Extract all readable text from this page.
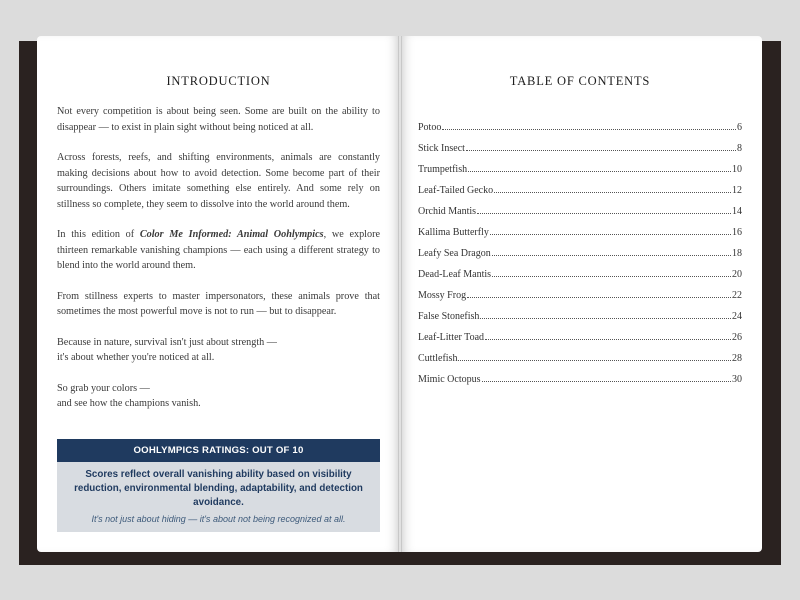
INTRODUCTION

Not every competition is about being seen. Some are built on the ability to disappear — to exist in plain sight without being noticed at all.

Across forests, reefs, and shifting environments, animals are constantly making decisions about how to avoid detection. Some become part of their surroundings. Others imitate something else entirely. And some rely on stillness so complete, they seem to dissolve into the world around them.

In this edition of Color Me Informed: Animal Oohlympics, we explore thirteen remarkable vanishing champions — each using a different strategy to blend into the world around them.

From stillness experts to master impersonators, these animals prove that sometimes the most powerful move is not to run — but to disappear.

Because in nature, survival isn't just about strength —
it's about whether you're noticed at all.

So grab your colors —
and see how the champions vanish.

OOHLYMPICS RATINGS: OUT OF 10
Scores reflect overall vanishing ability based on visibility reduction, environmental blending, adaptability, and detection avoidance.
It's not just about hiding — it's about not being recognized at all.
TABLE OF CONTENTS
Potoo	6
Stick Insect	8
Trumpetfish	10
Leaf-Tailed Gecko	12
Orchid Mantis	14
Kallima Butterfly	16
Leafy Sea Dragon	18
Dead-Leaf Mantis	20
Mossy Frog	22
False Stonefish	24
Leaf-Litter Toad	26
Cuttlefish	28
Mimic Octopus	30
